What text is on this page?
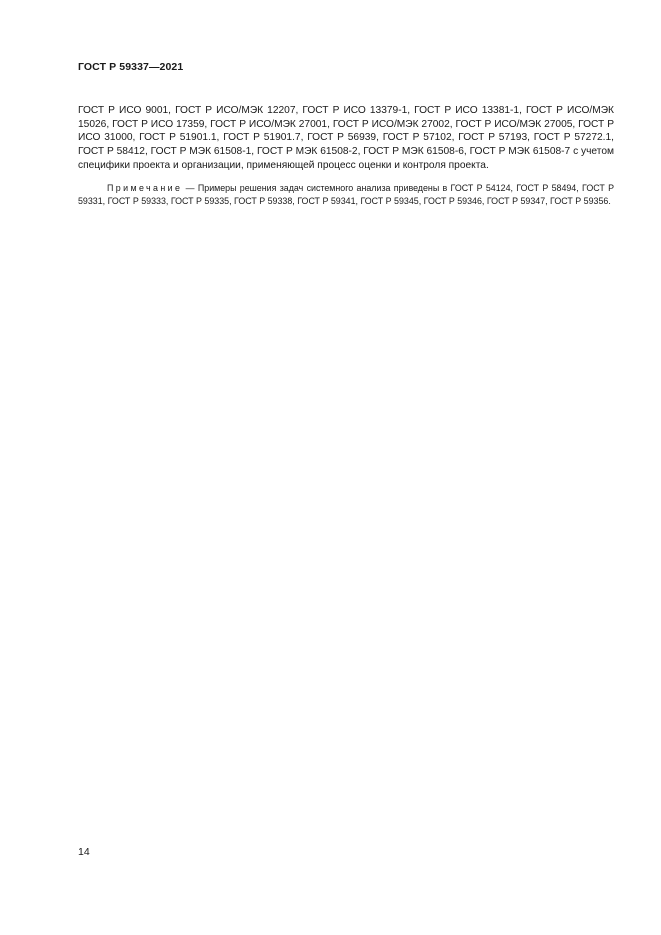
ГОСТ Р 59337—2021

ГОСТ Р ИСО 9001, ГОСТ Р ИСО/МЭК 12207, ГОСТ Р ИСО 13379-1, ГОСТ Р ИСО 13381-1, ГОСТ Р ИСО/МЭК 15026, ГОСТ Р ИСО 17359, ГОСТ Р ИСО/МЭК 27001, ГОСТ Р ИСО/МЭК 27002, ГОСТ Р ИСО/МЭК 27005, ГОСТ Р ИСО 31000, ГОСТ Р 51901.1, ГОСТ Р 51901.7, ГОСТ Р 56939, ГОСТ Р 57102, ГОСТ Р 57193, ГОСТ Р 57272.1, ГОСТ Р 58412, ГОСТ Р МЭК 61508-1, ГОСТ Р МЭК 61508-2, ГОСТ Р МЭК 61508-6, ГОСТ Р МЭК 61508-7 с учетом специфики проекта и организации, применяющей процесс оценки и контроля проекта.

Примечание — Примеры решения задач системного анализа приведены в ГОСТ Р 54124, ГОСТ Р 58494, ГОСТ Р 59331, ГОСТ Р 59333, ГОСТ Р 59335, ГОСТ Р 59338, ГОСТ Р 59341, ГОСТ Р 59345, ГОСТ Р 59346, ГОСТ Р 59347, ГОСТ Р 59356.

14
